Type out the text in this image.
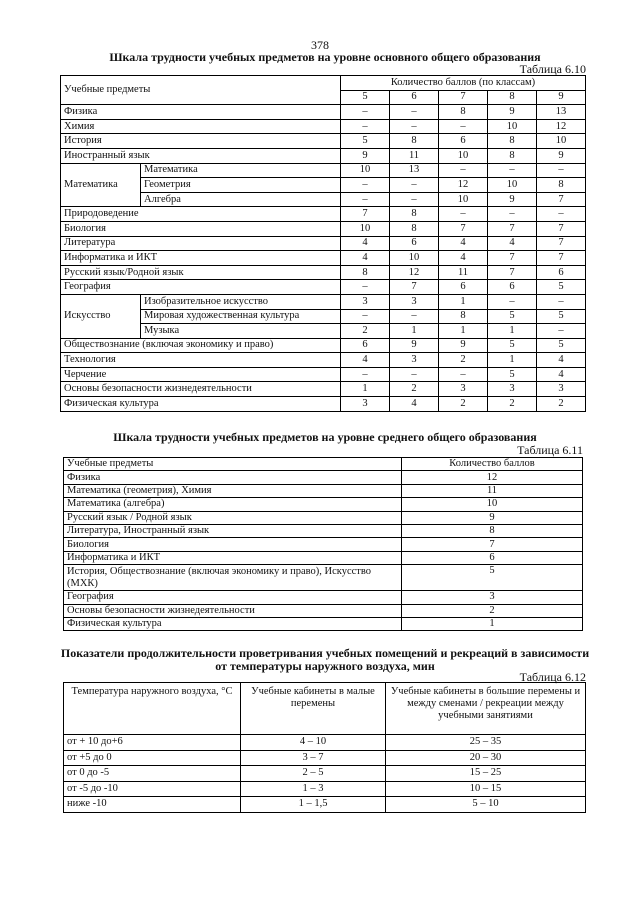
378
Шкала трудности учебных предметов на уровне основного общего образования
Таблица 6.10
Учебные предметы		Количество баллов (по классам)				
		5	6	7	8	9
Физика		–	–	8	9	13
Химия		–	–	–	10	12
История		5	8	6	8	10
Иностранный язык		9	11	10	8	9
Математика	Математика	10	13	–	–	–
	Геометрия	–	–	12	10	8
	Алгебра	–	–	10	9	7
Природоведение		7	8	–	–	–
Биология		10	8	7	7	7
Литература		4	6	4	4	7
Информатика и ИКТ		4	10	4	7	7
Русский язык/Родной язык		8	12	11	7	6
География		–	7	6	6	5
Искусство	Изобразительное искусство	3	3	1	–	–
	Мировая художественная культура	–	–	8	5	5
	Музыка	2	1	1	1	–
Обществознание (включая экономику и право)		6	9	9	5	5
Технология		4	3	2	1	4
Черчение		–	–	–	5	4
Основы безопасности жизнедеятельности		1	2	3	3	3
Физическая культура		3	4	2	2	2
Шкала трудности учебных предметов на уровне среднего общего образования
Таблица 6.11
Учебные предметы	Количество баллов
Физика	12
Математика (геометрия), Химия	11
Математика (алгебра)	10
Русский язык / Родной язык	9
Литература, Иностранный язык	8
Биология	7
Информатика и ИКТ	6
История, Обществознание (включая экономику и право), Искусство (МХК)	5
География	3
Основы безопасности жизнедеятельности	2
Физическая культура	1
Показатели продолжительности проветривания учебных помещений и рекреаций в зависимости
от температуры наружного воздуха, мин
Таблица 6.12
Температура наружного воздуха, °С	Учебные кабинеты в малые перемены	Учебные кабинеты в большие перемены и между сменами / рекреации между учебными занятиями
от + 10 до+6	4 – 10	25 – 35
от +5 до 0	3 – 7	20 – 30
от 0 до -5	2 – 5	15 – 25
от -5 до -10	1 – 3	10 – 15
ниже -10	1 – 1,5	5 – 10
